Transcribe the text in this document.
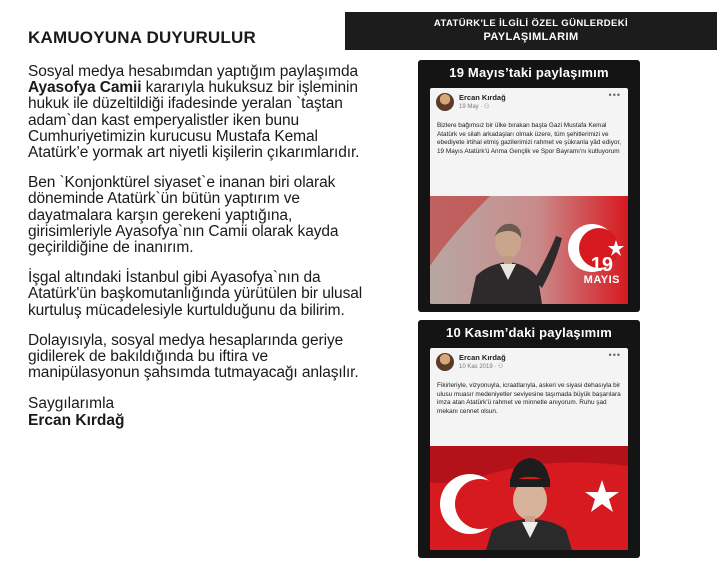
KAMUOYUNA DUYURULUR

Sosyal medya hesabımdan yaptığım paylaşımda Ayasofya Camii kararıyla hukuksuz bir işleminin hukuk ile düzeltildiği ifadesinde yeralan `taştan adam`dan kast emperyalistler iken bunu Cumhuriyetimizin kurucusu Mustafa Kemal Atatürk’e yormak art niyetli kişilerin çıkarımlarıdır.

Ben `Konjonktürel siyaset`e inanan biri olarak döneminde Atatürk`ün bütün yaptırım ve dayatmalara karşın gerekeni yaptığına, girisimleriyle Ayasofya`nın Camii olarak kayda geçirildiğine de inanırım.

İşgal altındaki İstanbul gibi Ayasofya`nın da Atatürk'ün başkomutanlığında yürütülen bir ulusal kurtuluş mücadelesiyle kurtulduğunu da bilirim.

Dolayısıyla, sosyal medya hesaplarında geriye gidilerek de bakıldığında bu iftira ve manipülasyonun şahsımda tutmayacağı anlaşılır.

Saygılarımla
Ercan Kırdağ
ATATÜRK'LE İLGİLİ ÖZEL GÜNLERDEKİ
PAYLAŞIMLARIM
19 Mayıs’taki paylaşımım
Ercan Kırdağ
19 May · ⚇
•••
Bizlere bağımsız bir ülke bırakan başta Gazi Mustafa Kemal Atatürk ve silah arkadaşları olmak üzere, tüm şehitlerimizi ve ebediyete irtihal etmiş gazilerimizi rahmet ve şükranla yâd ediyor, 19 Mayıs Atatürk'ü Anma Gençlik ve Spor Bayramı'nı kutluyorum
19
MAYIS
10 Kasım’daki paylaşımım
Ercan Kırdağ
10 Kas 2019 · ⚇
•••
Fikirleriyle, vizyonuyla, icraatlarıyla, askeri ve siyasi dehasıyla bir ulusu muasır medeniyetler seviyesine taşımada büyük başarılara imza atan Atatürk'ü rahmet ve minnetle anıyorum. Ruhu şad mekanı cennet olsun.
